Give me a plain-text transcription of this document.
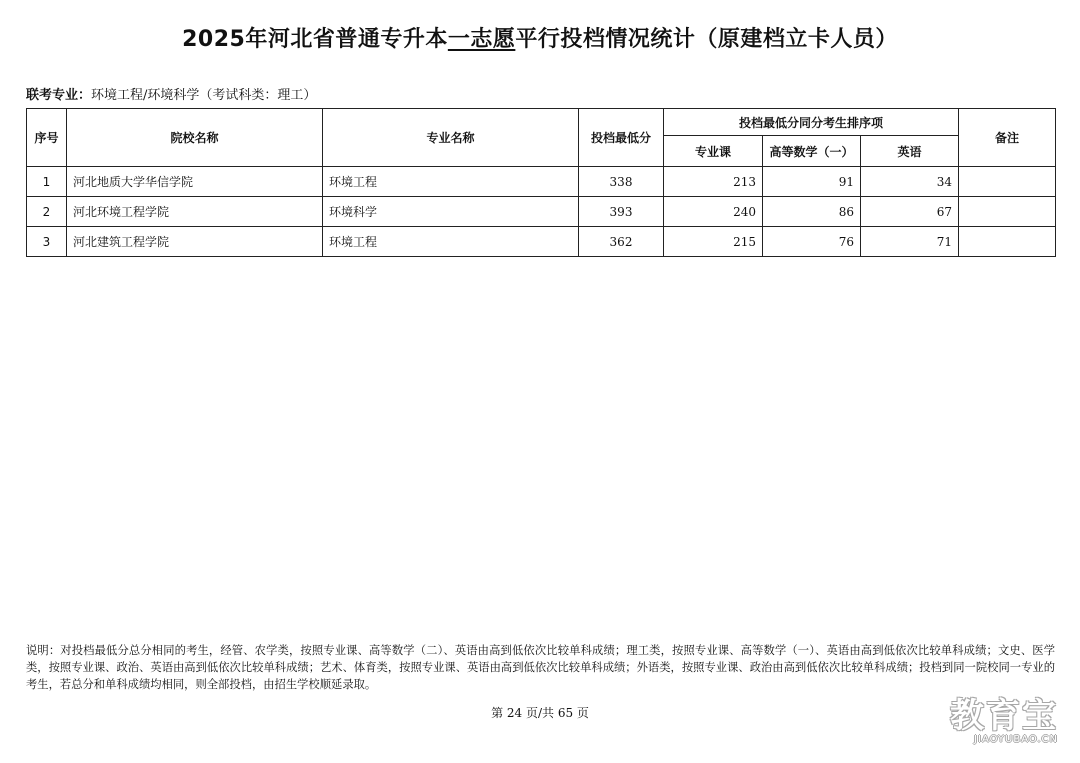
2025年河北省普通专升本一志愿平行投档情况统计（原建档立卡人员）
联考专业：环境工程/环境科学（考试科类：理工）
序号	院校名称	专业名称	投档最低分	投档最低分同分考生排序项			备注
				专业课	高等数学（一）	英语	
1	河北地质大学华信学院	环境工程	338	213	91	34	
2	河北环境工程学院	环境科学	393	240	86	67	
3	河北建筑工程学院	环境工程	362	215	76	71	
说明：对投档最低分总分相同的考生，经管、农学类，按照专业课、高等数学（二）、英语由高到低依次比较单科成绩；理工类，按照专业课、高等数学（一）、英语由高到低依次比较单科成绩；文史、医学类，按照专业课、政治、英语由高到低依次比较单科成绩；艺术、体育类，按照专业课、英语由高到低依次比较单科成绩；外语类，按照专业课、政治由高到低依次比较单科成绩；投档到同一院校同一专业的考生，若总分和单科成绩均相同，则全部投档，由招生学校顺延录取。
第 24 页/共 65 页	教育宝
JIAOYUBAO.CN
